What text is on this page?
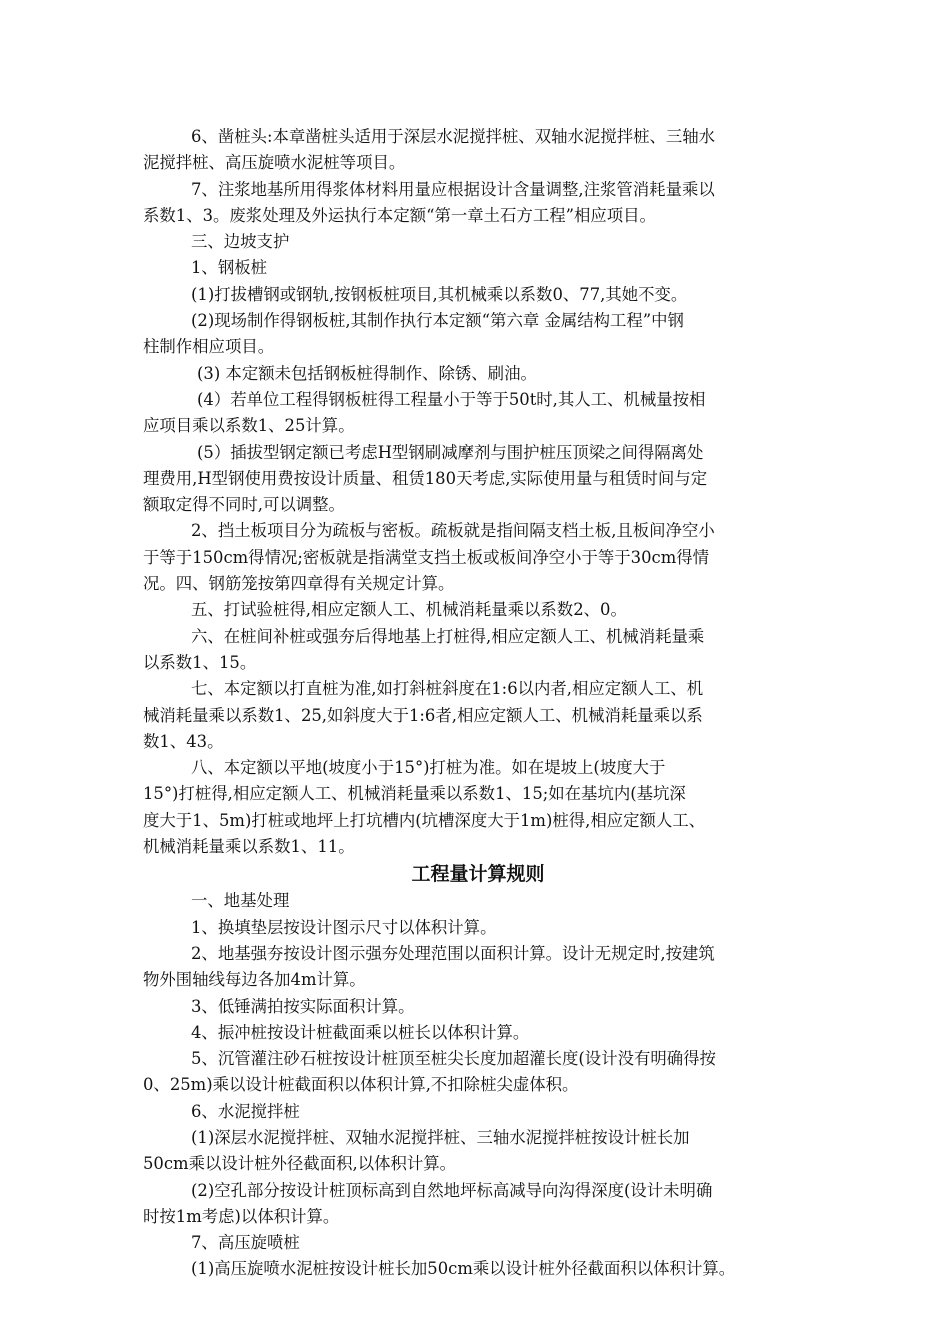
6、凿桩头:本章凿桩头适用于深层水泥搅拌桩、双轴水泥搅拌桩、三轴水
泥搅拌桩、高压旋喷水泥桩等项目。
7、注浆地基所用得浆体材料用量应根据设计含量调整,注浆管消耗量乘以
系数1、3。废浆处理及外运执行本定额“第一章土石方工程”相应项目。
三、边坡支护
1、钢板桩
(1)打拔槽钢或钢轨,按钢板桩项目,其机械乘以系数0、77,其她不变。
(2)现场制作得钢板桩,其制作执行本定额“第六章 金属结构工程”中钢
柱制作相应项目。
(3) 本定额未包括钢板桩得制作、除锈、刷油。
(4）若单位工程得钢板桩得工程量小于等于50t时,其人工、机械量按相
应项目乘以系数1、25计算。
(5）插拔型钢定额已考虑H型钢刷减摩剂与围护桩压顶梁之间得隔离处
理费用,H型钢使用费按设计质量、租赁180天考虑,实际使用量与租赁时间与定
额取定得不同时,可以调整。
2、挡土板项目分为疏板与密板。疏板就是指间隔支档土板,且板间净空小
于等于150cm得情况;密板就是指满堂支挡土板或板间净空小于等于30cm得情
况。四、钢筋笼按第四章得有关规定计算。
五、打试验桩得,相应定额人工、机械消耗量乘以系数2、0。
六、在桩间补桩或强夯后得地基上打桩得,相应定额人工、机械消耗量乘
以系数1、15。
七、本定额以打直桩为准,如打斜桩斜度在1:6以内者,相应定额人工、机
械消耗量乘以系数1、25,如斜度大于1:6者,相应定额人工、机械消耗量乘以系
数1、43。
八、本定额以平地(坡度小于15°)打桩为准。如在堤坡上(坡度大于
15°)打桩得,相应定额人工、机械消耗量乘以系数1、15;如在基坑内(基坑深
度大于1、5m)打桩或地坪上打坑槽内(坑槽深度大于1m)桩得,相应定额人工、
机械消耗量乘以系数1、11。
工程量计算规则
一、地基处理
1、换填垫层按设计图示尺寸以体积计算。
2、地基强夯按设计图示强夯处理范围以面积计算。设计无规定时,按建筑
物外围轴线每边各加4m计算。
3、低锤满拍按实际面积计算。
4、振冲桩按设计桩截面乘以桩长以体积计算。
5、沉管灌注砂石桩按设计桩顶至桩尖长度加超灌长度(设计没有明确得按
0、25m)乘以设计桩截面积以体积计算,不扣除桩尖虚体积。
6、水泥搅拌桩
(1)深层水泥搅拌桩、双轴水泥搅拌桩、三轴水泥搅拌桩按设计桩长加
50cm乘以设计桩外径截面积,以体积计算。
(2)空孔部分按设计桩顶标高到自然地坪标高减导向沟得深度(设计未明确
时按1m考虑)以体积计算。
7、高压旋喷桩
(1)高压旋喷水泥桩按设计桩长加50cm乘以设计桩外径截面积以体积计算。
